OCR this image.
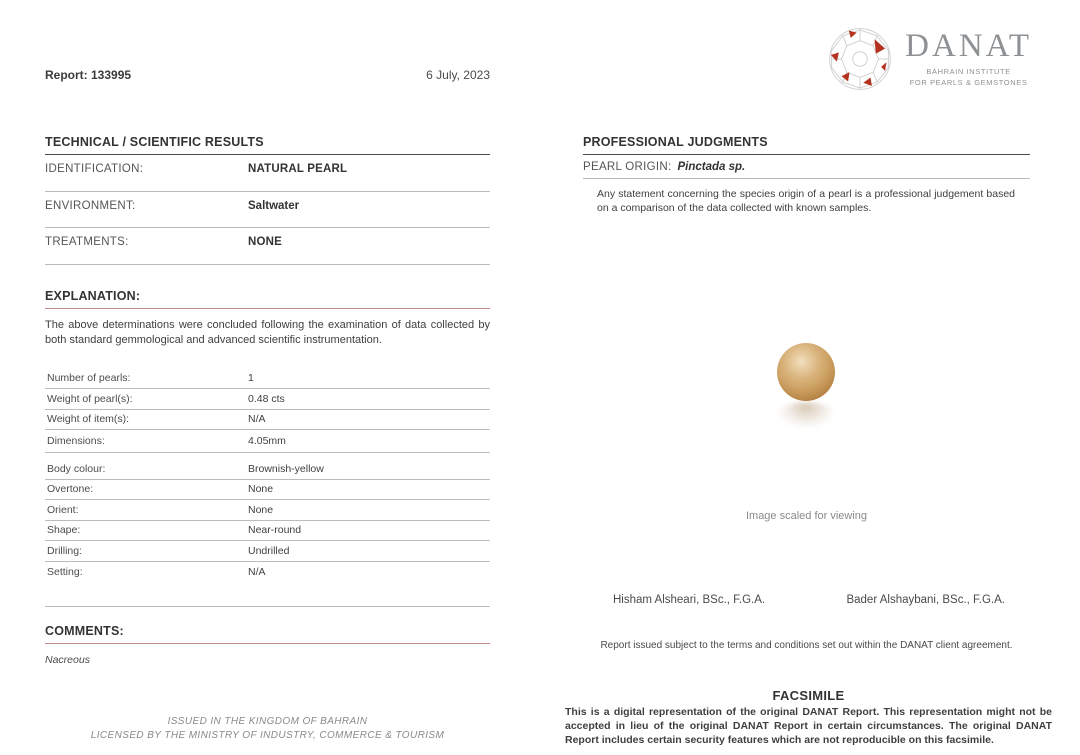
Report: 133995	6 July, 2023
DANAT
BAHRAIN INSTITUTE
FOR PEARLS & GEMSTONES
TECHNICAL / SCIENTIFIC RESULTS
IDENTIFICATION:	NATURAL PEARL
ENVIRONMENT:	Saltwater
TREATMENTS:	NONE
EXPLANATION:

The above determinations were concluded following the examination of data collected by both standard gemmological and advanced scientific instrumentation.

Number of pearls:	1
Weight of pearl(s):	0.48 cts
Weight of item(s):	N/A
Dimensions:	4.05mm
Body colour:	Brownish-yellow
Overtone:	None
Orient:	None
Shape:	Near-round
Drilling:	Undrilled
Setting:	N/A
COMMENTS:
Nacreous
PROFESSIONAL JUDGMENTS
PEARL ORIGIN: Pinctada sp.

Any statement concerning the species origin of a pearl is a professional judgement based on a comparison of the data collected with known samples.

Image scaled for viewing
Hisham Alsheari, BSc., F.G.A.	Bader Alshaybani, BSc., F.G.A.
Report issued subject to the terms and conditions set out within the DANAT client agreement.
FACSIMILE

This is a digital representation of the original DANAT Report. This representation might not be accepted in lieu of the original DANAT Report in certain circumstances. The original DANAT Report includes certain security features which are not reproducible on this facsimile.

ISSUED IN THE KINGDOM OF BAHRAIN
LICENSED BY THE MINISTRY OF INDUSTRY, COMMERCE & TOURISM
